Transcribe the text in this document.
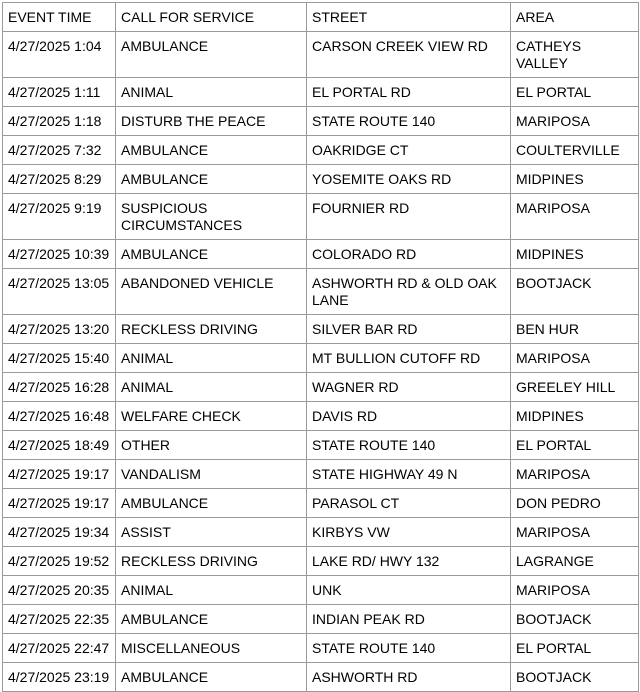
EVENT TIME	CALL FOR SERVICE	STREET	AREA
4/27/2025 1:04	AMBULANCE	CARSON CREEK VIEW RD	CATHEYS VALLEY
4/27/2025 1:11	ANIMAL	EL PORTAL RD	EL PORTAL
4/27/2025 1:18	DISTURB THE PEACE	STATE ROUTE 140	MARIPOSA
4/27/2025 7:32	AMBULANCE	OAKRIDGE CT	COULTERVILLE
4/27/2025 8:29	AMBULANCE	YOSEMITE OAKS RD	MIDPINES
4/27/2025 9:19	SUSPICIOUS CIRCUMSTANCES	FOURNIER RD	MARIPOSA
4/27/2025 10:39	AMBULANCE	COLORADO RD	MIDPINES
4/27/2025 13:05	ABANDONED VEHICLE	ASHWORTH RD & OLD OAK LANE	BOOTJACK
4/27/2025 13:20	RECKLESS DRIVING	SILVER BAR RD	BEN HUR
4/27/2025 15:40	ANIMAL	MT BULLION CUTOFF RD	MARIPOSA
4/27/2025 16:28	ANIMAL	WAGNER RD	GREELEY HILL
4/27/2025 16:48	WELFARE CHECK	DAVIS RD	MIDPINES
4/27/2025 18:49	OTHER	STATE ROUTE 140	EL PORTAL
4/27/2025 19:17	VANDALISM	STATE HIGHWAY 49 N	MARIPOSA
4/27/2025 19:17	AMBULANCE	PARASOL CT	DON PEDRO
4/27/2025 19:34	ASSIST	KIRBYS VW	MARIPOSA
4/27/2025 19:52	RECKLESS DRIVING	LAKE RD/ HWY 132	LAGRANGE
4/27/2025 20:35	ANIMAL	UNK	MARIPOSA
4/27/2025 22:35	AMBULANCE	INDIAN PEAK RD	BOOTJACK
4/27/2025 22:47	MISCELLANEOUS	STATE ROUTE 140	EL PORTAL
4/27/2025 23:19	AMBULANCE	ASHWORTH RD	BOOTJACK
